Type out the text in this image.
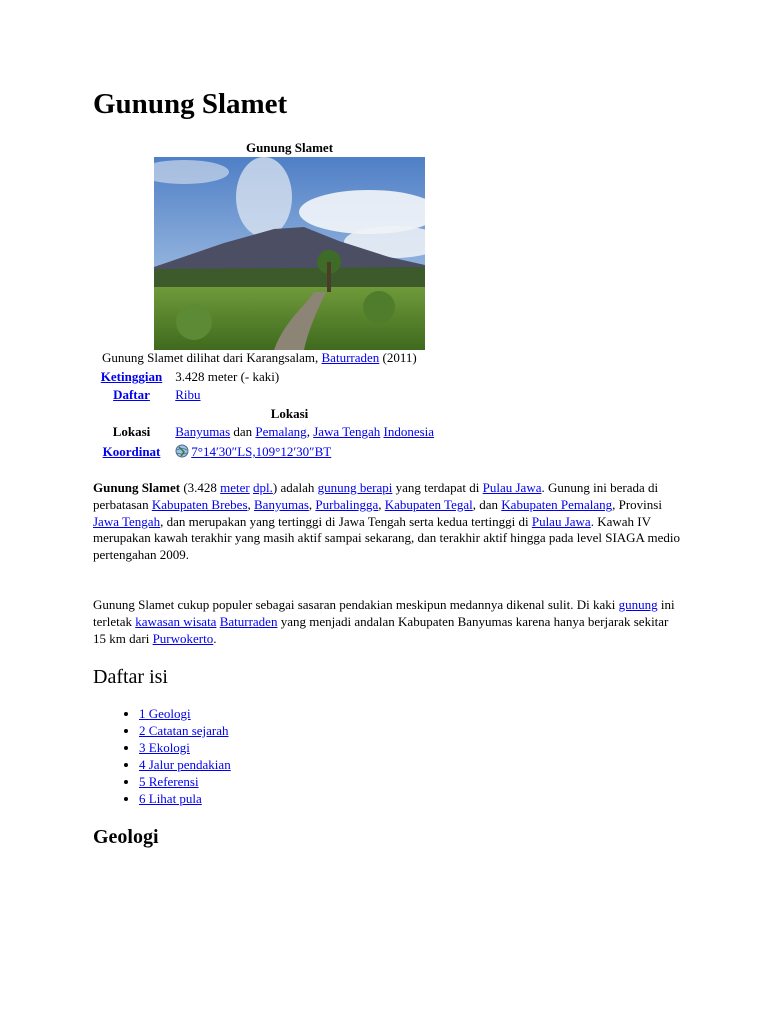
Gunung Slamet
Gunung Slamet
Gunung Slamet dilihat dari Karangsalam, Baturraden (2011)
Ketinggian 3.428 meter (- kaki)
Daftar Ribu
Lokasi
Lokasi Banyumas dan Pemalang, Jawa Tengah Indonesia
Koordinat 7°14′30″LS,109°12′30″BT
Gunung Slamet (3.428 meter dpl.) adalah gunung berapi yang terdapat di Pulau Jawa. Gunung ini berada di perbatasan Kabupaten Brebes, Banyumas, Purbalingga, Kabupaten Tegal, dan Kabupaten Pemalang, Provinsi Jawa Tengah, dan merupakan yang tertinggi di Jawa Tengah serta kedua tertinggi di Pulau Jawa. Kawah IV merupakan kawah terakhir yang masih aktif sampai sekarang, dan terakhir aktif hingga pada level SIAGA medio pertengahan 2009.
Gunung Slamet cukup populer sebagai sasaran pendakian meskipun medannya dikenal sulit. Di kaki gunung ini terletak kawasan wisata Baturraden yang menjadi andalan Kabupaten Banyumas karena hanya berjarak sekitar 15 km dari Purwokerto.
Daftar isi
• 1 Geologi
• 2 Catatan sejarah
• 3 Ekologi
• 4 Jalur pendakian
• 5 Referensi
• 6 Lihat pula
Geologi
